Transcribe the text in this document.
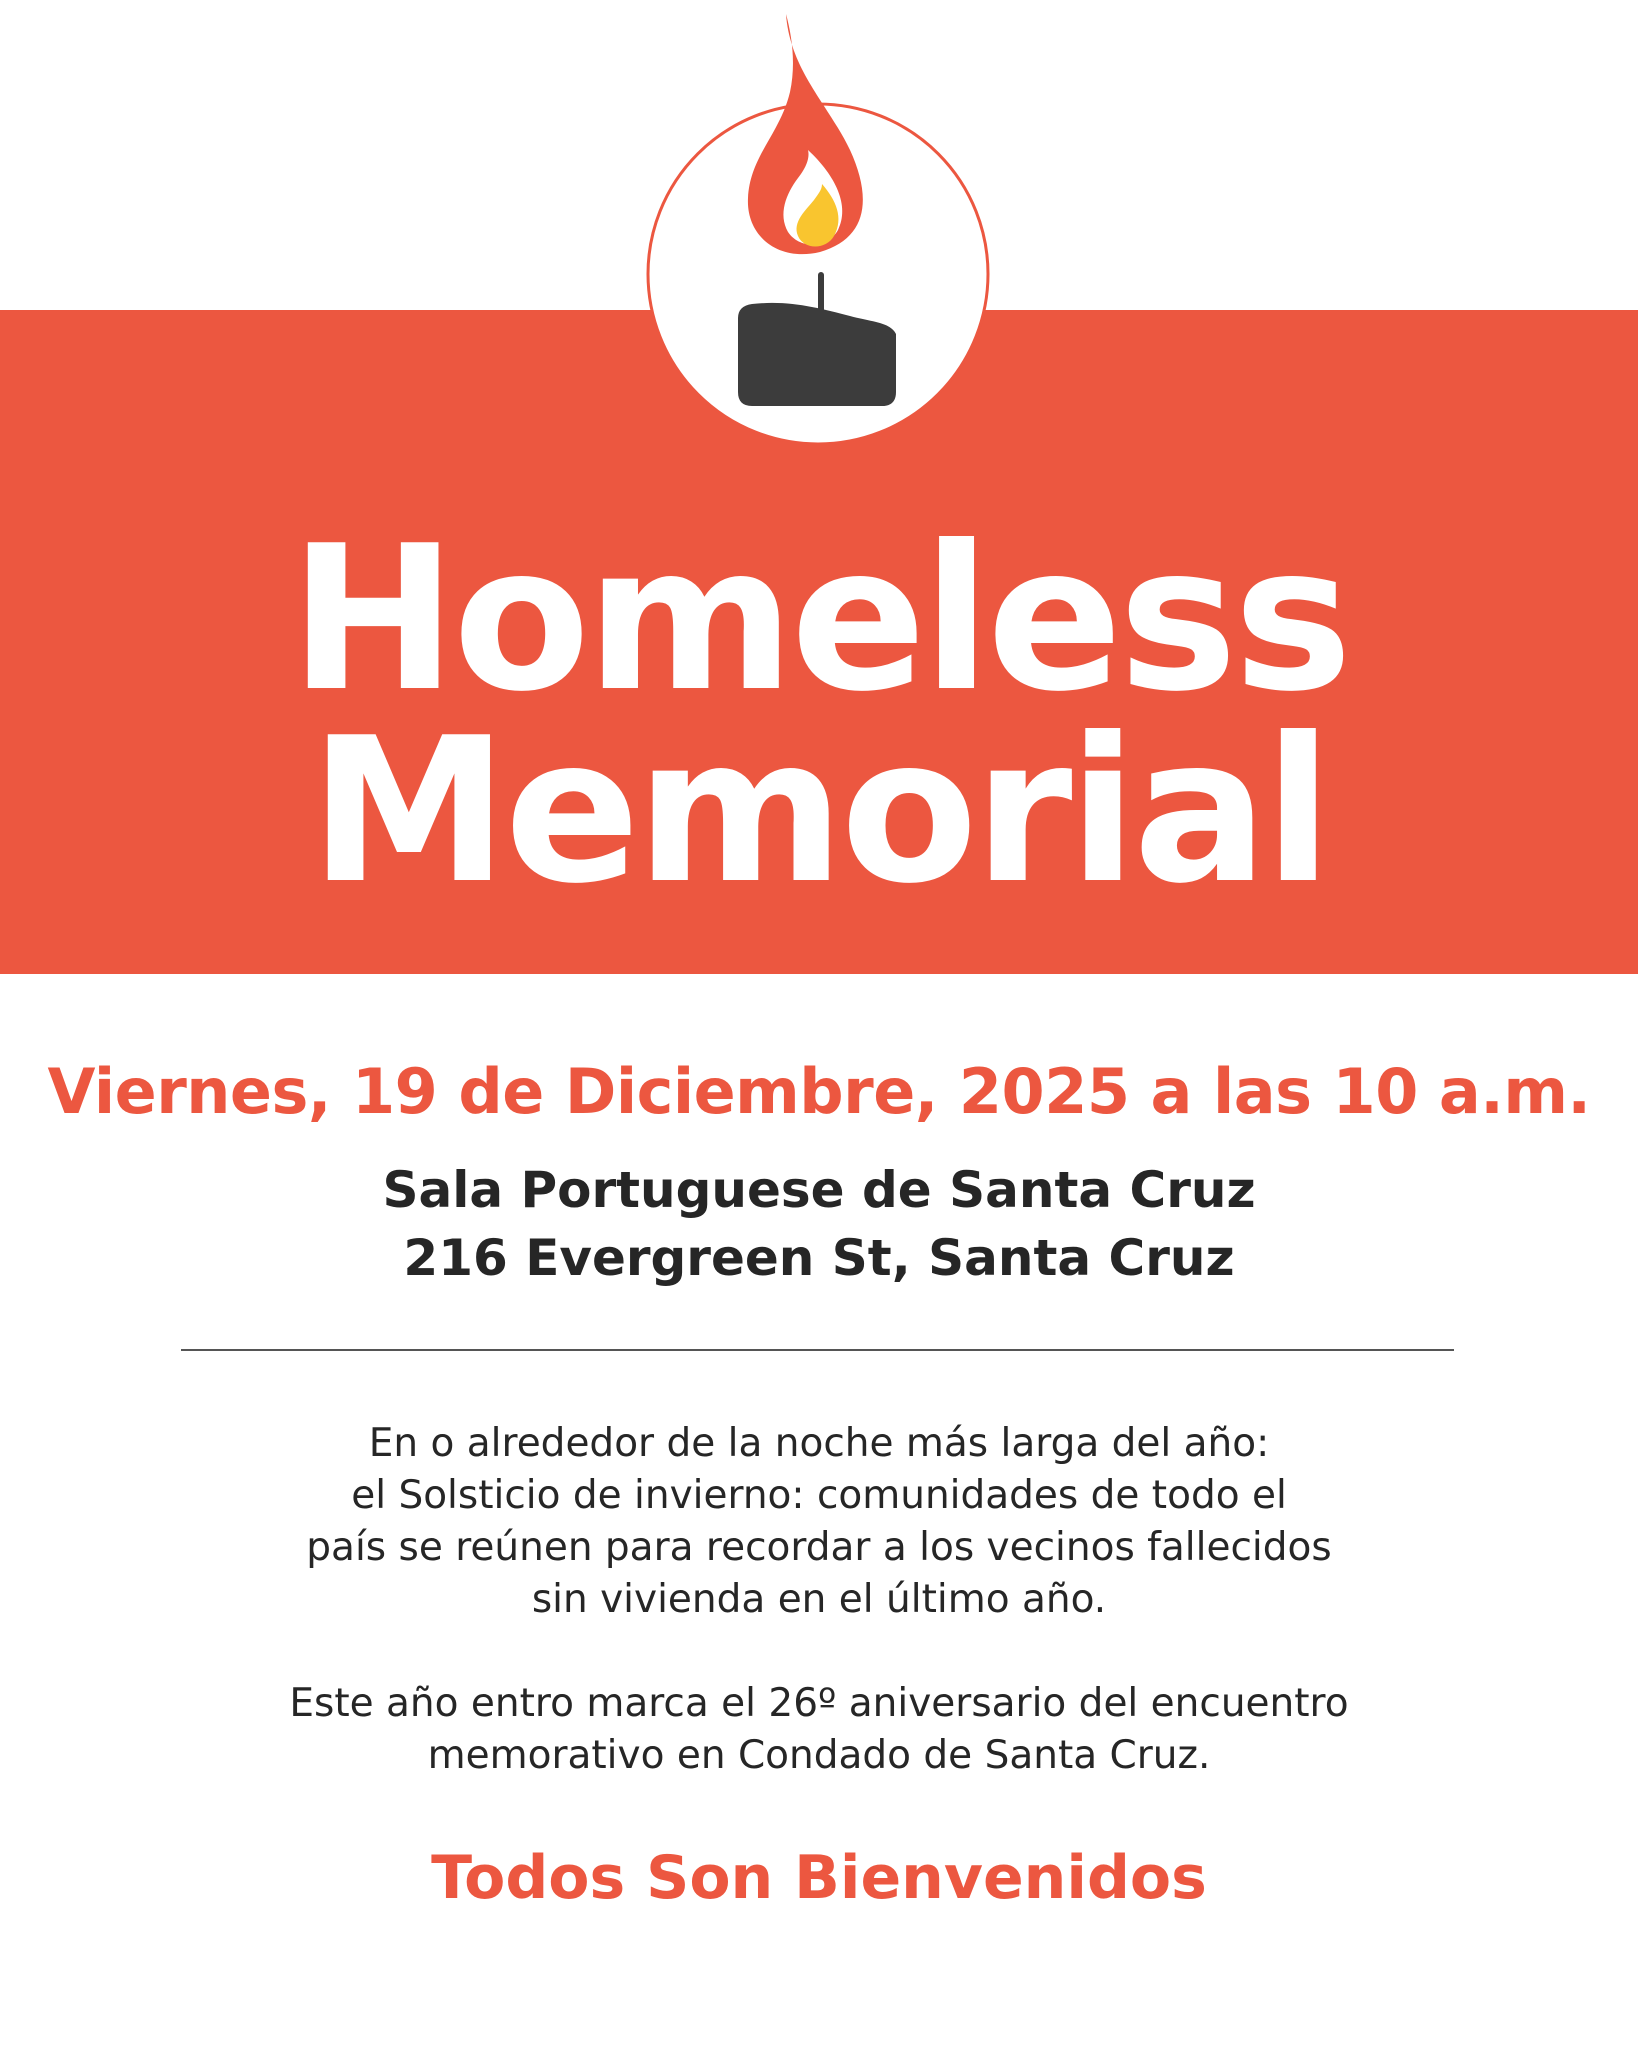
Homeless
Memorial
Viernes, 19 de Diciembre, 2025 a las 10 a.m.
Sala Portuguese de Santa Cruz
216 Evergreen St, Santa Cruz
En o alrededor de la noche más larga del año:
el Solsticio de invierno: comunidades de todo el
país se reúnen para recordar a los vecinos fallecidos
sin vivienda en el último año.
Este año entro marca el 26º aniversario del encuentro
memorativo en Condado de Santa Cruz.
Todos Son Bienvenidos
